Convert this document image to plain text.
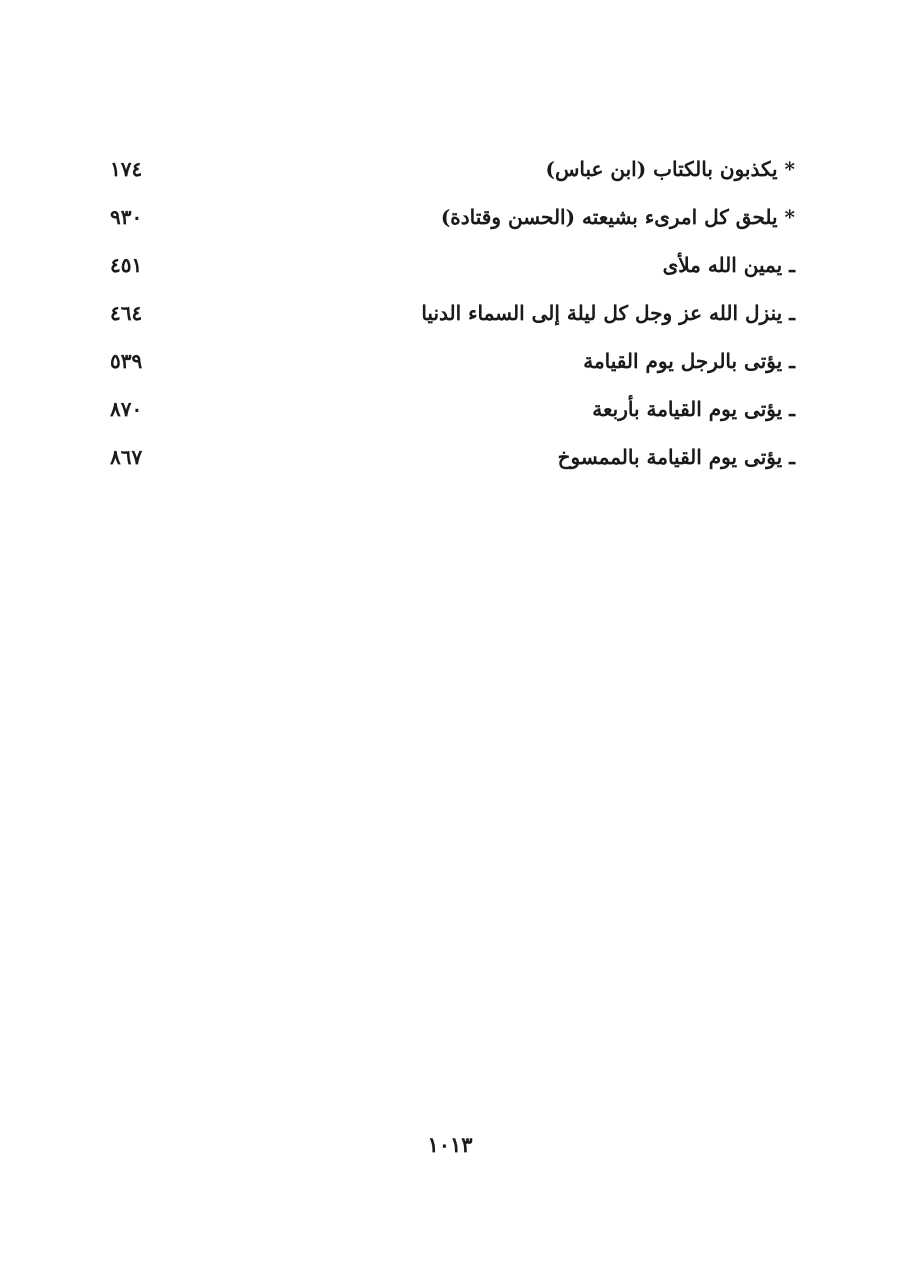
* يكذبون بالكتاب (ابن عباس)
١٧٤
* يلحق كل امرىء بشيعته (الحسن وقتادة)
٩٣٠
ـ يمين الله ملأى
٤٥١
ـ ينزل الله عز وجل كل ليلة إلى السماء الدنيا
٤٦٤
ـ يؤتى بالرجل يوم القيامة
٥٣٩
ـ يؤتى يوم القيامة بأربعة
٨٧٠
ـ يؤتى يوم القيامة بالممسوخ
٨٦٧
١٠١٣
